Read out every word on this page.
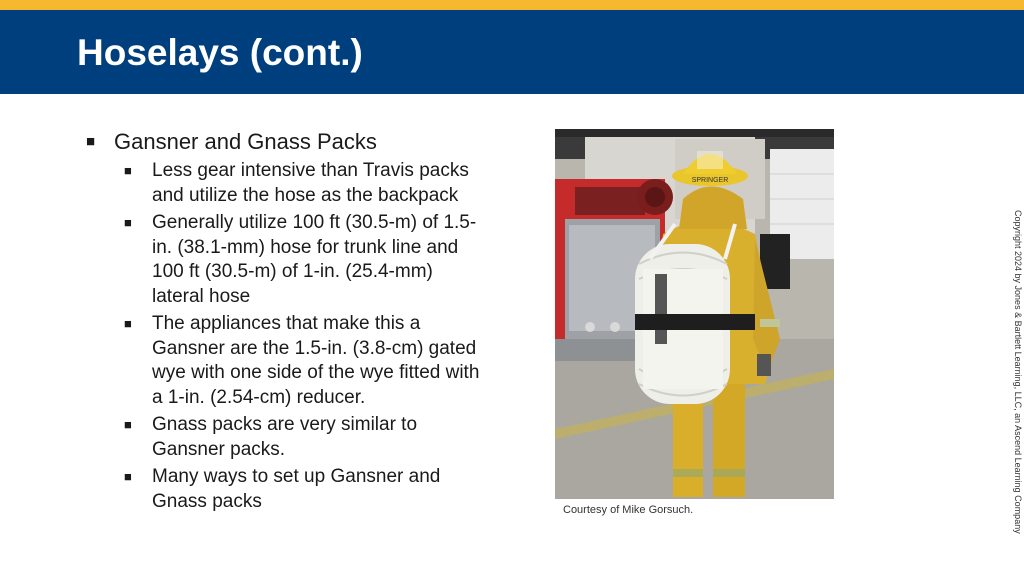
Hoselays (cont.)
■ Gansner and Gnass Packs
■ Less gear intensive than Travis packs and utilize the hose as the backpack
■ Generally utilize 100 ft (30.5-m) of 1.5-in. (38.1-mm) hose for trunk line and 100 ft (30.5-m) of 1-in. (25.4-mm) lateral hose
■ The appliances that make this a Gansner are the 1.5-in. (3.8-cm) gated wye with one side of the wye fitted with a 1-in. (2.54-cm) reducer.
■ Gnass packs are very similar to Gansner packs.
■ Many ways to set up Gansner and Gnass packs
SPRINGER
Courtesy of Mike Gorsuch.	Copyright 2024 by Jones & Bartlett Learning, LLC, an Ascend Learning Company
